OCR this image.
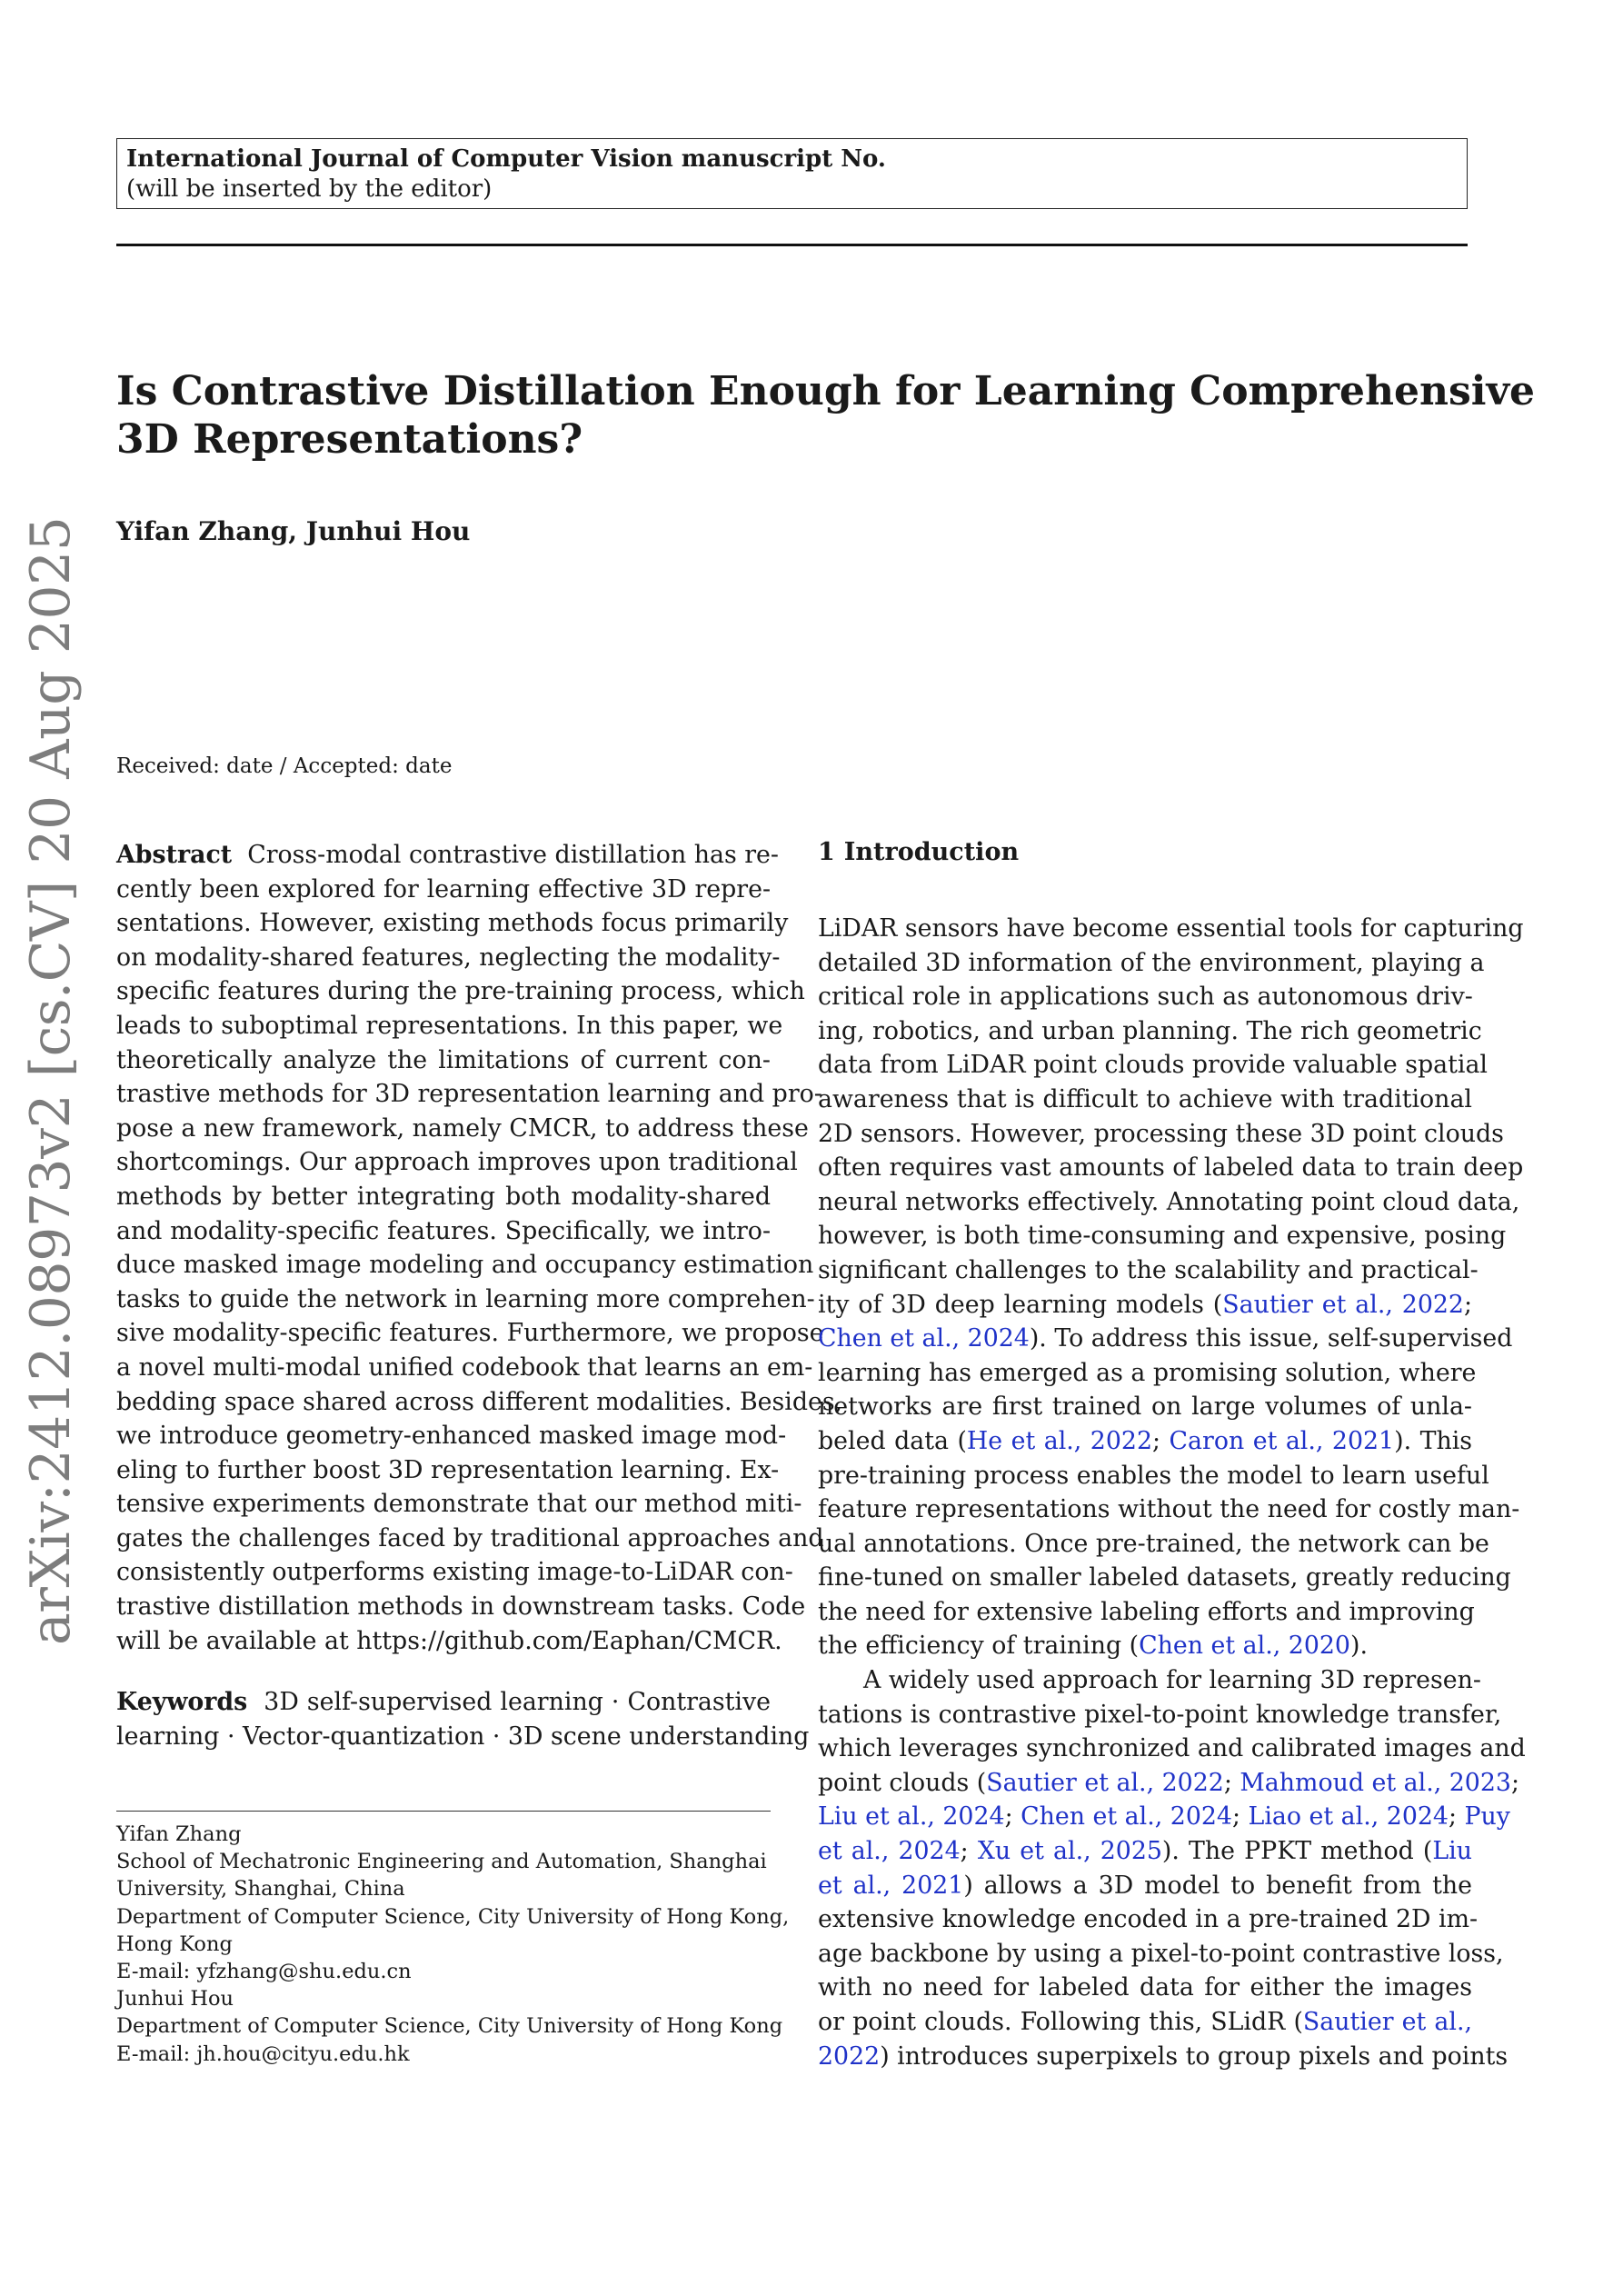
International Journal of Computer Vision manuscript No.
(will be inserted by the editor)
Is Contrastive Distillation Enough for Learning Comprehensive
3D Representations?
Yifan Zhang, Junhui Hou
arXiv:2412.08973v2 [cs.CV] 20 Aug 2025 Received: date / Accepted: date
Abstract Cross-modal contrastive distillation has re-
cently been explored for learning effective 3D repre-
sentations. However, existing methods focus primarily
on modality-shared features, neglecting the modality-
specific features during the pre-training process, which
leads to suboptimal representations. In this paper, we
theoretically analyze the limitations of current con-
trastive methods for 3D representation learning and pro-
pose a new framework, namely CMCR, to address these
shortcomings. Our approach improves upon traditional
methods by better integrating both modality-shared
and modality-specific features. Specifically, we intro-
duce masked image modeling and occupancy estimation
tasks to guide the network in learning more comprehen-
sive modality-specific features. Furthermore, we propose
a novel multi-modal unified codebook that learns an em-
bedding space shared across different modalities. Besides,
we introduce geometry-enhanced masked image mod-
eling to further boost 3D representation learning. Ex-
tensive experiments demonstrate that our method miti-
gates the challenges faced by traditional approaches and
consistently outperforms existing image-to-LiDAR con-
trastive distillation methods in downstream tasks. Code
will be available at https://github.com/Eaphan/CMCR.
Keywords 3D self-supervised learning · Contrastive
learning · Vector-quantization · 3D scene understanding
Yifan Zhang
School of Mechatronic Engineering and Automation, Shanghai
University, Shanghai, China
Department of Computer Science, City University of Hong Kong,
Hong Kong
E-mail: yfzhang@shu.edu.cn
Junhui Hou
Department of Computer Science, City University of Hong Kong
E-mail: jh.hou@cityu.edu.hk
1 Introduction
LiDAR sensors have become essential tools for capturing
detailed 3D information of the environment, playing a
critical role in applications such as autonomous driv-
ing, robotics, and urban planning. The rich geometric
data from LiDAR point clouds provide valuable spatial
awareness that is difficult to achieve with traditional
2D sensors. However, processing these 3D point clouds
often requires vast amounts of labeled data to train deep
neural networks effectively. Annotating point cloud data,
however, is both time-consuming and expensive, posing
significant challenges to the scalability and practical-
ity of 3D deep learning models (Sautier et al., 2022;
Chen et al., 2024). To address this issue, self-supervised
learning has emerged as a promising solution, where
networks are first trained on large volumes of unla-
beled data (He et al., 2022; Caron et al., 2021). This
pre-training process enables the model to learn useful
feature representations without the need for costly man-
ual annotations. Once pre-trained, the network can be
fine-tuned on smaller labeled datasets, greatly reducing
the need for extensive labeling efforts and improving
the efficiency of training (Chen et al., 2020).
A widely used approach for learning 3D represen-
tations is contrastive pixel-to-point knowledge transfer,
which leverages synchronized and calibrated images and
point clouds (Sautier et al., 2022; Mahmoud et al., 2023;
Liu et al., 2024; Chen et al., 2024; Liao et al., 2024; Puy
et al., 2024; Xu et al., 2025). The PPKT method (Liu
et al., 2021) allows a 3D model to benefit from the
extensive knowledge encoded in a pre-trained 2D im-
age backbone by using a pixel-to-point contrastive loss,
with no need for labeled data for either the images
or point clouds. Following this, SLidR (Sautier et al.,
2022) introduces superpixels to group pixels and points
